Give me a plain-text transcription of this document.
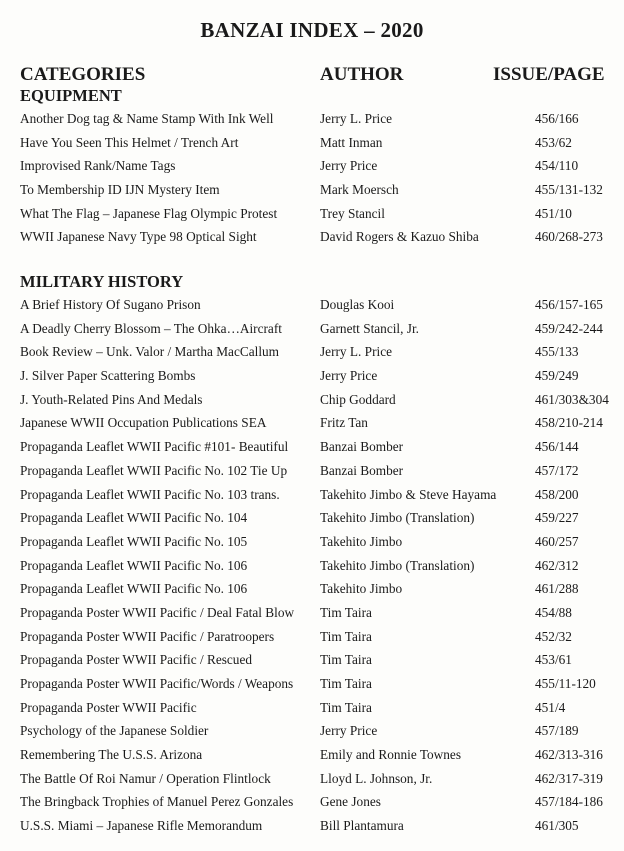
BANZAI INDEX – 2020
CATEGORIES	AUTHOR	ISSUE/PAGE
EQUIPMENT
Another Dog tag & Name Stamp With Ink Well	Jerry L. Price	456/166
Have You Seen This Helmet / Trench Art	Matt Inman	453/62
Improvised Rank/Name Tags	Jerry Price	454/110
To Membership ID IJN Mystery Item	Mark Moersch	455/131-132
What The Flag – Japanese Flag Olympic Protest	Trey Stancil	451/10
WWII Japanese Navy Type 98 Optical Sight	David Rogers & Kazuo Shiba	460/268-273
MILITARY HISTORY
A Brief History Of Sugano Prison	Douglas Kooi	456/157-165
A Deadly Cherry Blossom – The Ohka…Aircraft	Garnett Stancil, Jr.	459/242-244
Book Review – Unk. Valor / Martha MacCallum	Jerry L. Price	455/133
J. Silver Paper Scattering Bombs	Jerry Price	459/249
J. Youth-Related Pins And Medals	Chip Goddard	461/303&304
Japanese WWII Occupation Publications SEA	Fritz Tan	458/210-214
Propaganda Leaflet WWII Pacific #101- Beautiful	Banzai Bomber	456/144
Propaganda Leaflet WWII Pacific No. 102 Tie Up	Banzai Bomber	457/172
Propaganda Leaflet WWII Pacific No. 103 trans.	Takehito Jimbo & Steve Hayama	458/200
Propaganda Leaflet WWII Pacific No. 104	Takehito Jimbo (Translation)	459/227
Propaganda Leaflet WWII Pacific No. 105	Takehito Jimbo	460/257
Propaganda Leaflet WWII Pacific No. 106	Takehito Jimbo (Translation)	462/312
Propaganda Leaflet WWII Pacific No. 106	Takehito Jimbo	461/288
Propaganda Poster WWII Pacific / Deal Fatal Blow	Tim Taira	454/88
Propaganda Poster WWII Pacific / Paratroopers	Tim Taira	452/32
Propaganda Poster WWII Pacific / Rescued	Tim Taira	453/61
Propaganda Poster WWII Pacific/Words / Weapons	Tim Taira	455/11-120
Propaganda Poster WWII Pacific	Tim Taira	451/4
Psychology of the Japanese Soldier	Jerry Price	457/189
Remembering The U.S.S. Arizona	Emily and Ronnie Townes	462/313-316
The Battle Of Roi Namur / Operation Flintlock	Lloyd L. Johnson, Jr.	462/317-319
The Bringback Trophies of Manuel Perez Gonzales	Gene Jones	457/184-186
U.S.S. Miami – Japanese Rifle Memorandum	Bill Plantamura	461/305
